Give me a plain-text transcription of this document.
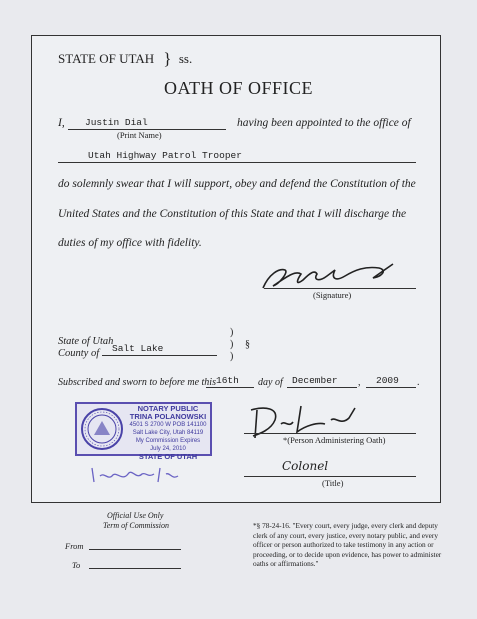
STATE OF UTAH } ss.
OATH OF OFFICE
I, Justin Dial
(Print Name)
having been appointed to the office of
Utah Highway Patrol Trooper
do solemnly swear that I will support, obey and defend the Constitution of the
United States and the Constitution of this State and that I will discharge the
duties of my office with fidelity.
(Signature)
State of Utah
County of Salt Lake
)
)
)
§
Subscribed and sworn to before me this 16th day of December , 2009 .
NOTARY PUBLIC
TRINA POLANOWSKI
4501 S 2700 W POB 141100
Salt Lake City, Utah 84119
My Commission Expires
July 24, 2010
STATE OF UTAH
*(Person Administering Oath)
Colonel
(Title)
Official Use Only
Term of Commission
From
To
*§ 78-24-16. "Every court, every judge, every clerk and deputy clerk of any court, every justice, every notary public, and every officer or person authorized to take testimony in any action or proceeding, or to decide upon evidence, has power to administer oaths or affirmations."
